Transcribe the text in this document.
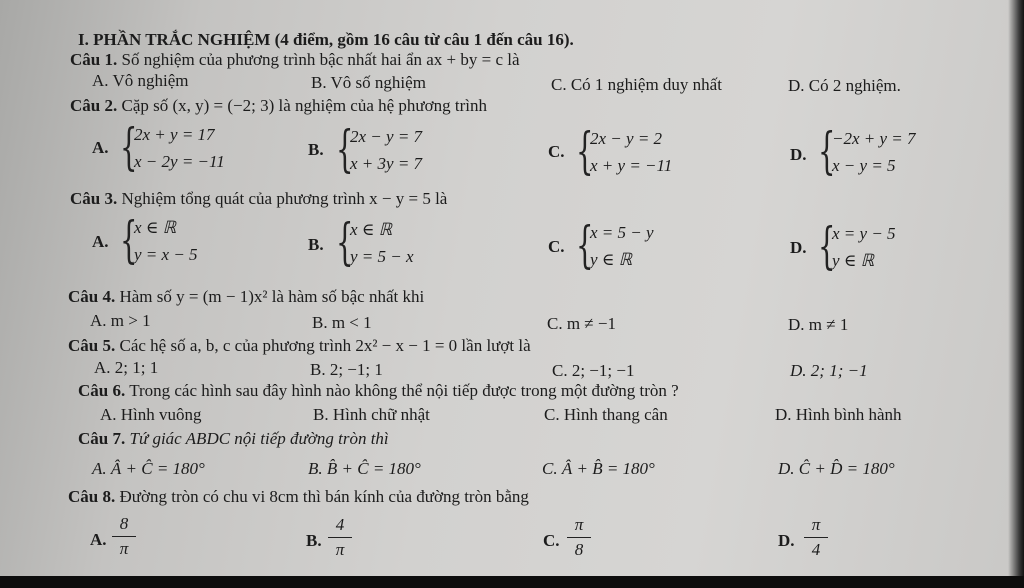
I. PHẦN TRẮC NGHIỆM (4 điểm, gồm 16 câu từ câu 1 đến câu 16).
Câu 1. Số nghiệm của phương trình bậc nhất hai ẩn ax + by = c là
A. Vô nghiệm	B. Vô số nghiệm	C. Có 1 nghiệm duy nhất	D. Có 2 nghiệm.
Câu 2. Cặp số (x, y) = (−2; 3) là nghiệm của hệ phương trình
A. {
2x + y = 17
x − 2y = −11
B. {
2x − y = 7
x + 3y = 7
C. {
2x − y = 2
x + y = −11
D. {
−2x + y = 7
x − y = 5
Câu 3. Nghiệm tổng quát của phương trình x − y = 5 là
A. {
x ∈ ℝ
y = x − 5
B. {
x ∈ ℝ
y = 5 − x
C. {
x = 5 − y
y ∈ ℝ
D. {
x = y − 5
y ∈ ℝ
Câu 4. Hàm số y = (m − 1)x² là hàm số bậc nhất khi
A. m > 1	B. m < 1	C. m ≠ −1	D. m ≠ 1
Câu 5. Các hệ số a, b, c của phương trình 2x² − x − 1 = 0 lần lượt là
A. 2; 1; 1	B. 2; −1; 1	C. 2; −1; −1	D. 2; 1; −1
Câu 6. Trong các hình sau đây hình nào không thể nội tiếp được trong một đường tròn ?
A. Hình vuông	B. Hình chữ nhật	C. Hình thang cân	D. Hình bình hành
Câu 7. Tứ giác ABDC nội tiếp đường tròn thì
A. Â + Ĉ = 180°	B. B̂ + Ĉ = 180°	C. Â + B̂ = 180°	D. Ĉ + D̂ = 180°
Câu 8. Đường tròn có chu vi 8cm thì bán kính của đường tròn bằng
A.
8
π	B.
4
π	C.
π
8	D.
π
4
